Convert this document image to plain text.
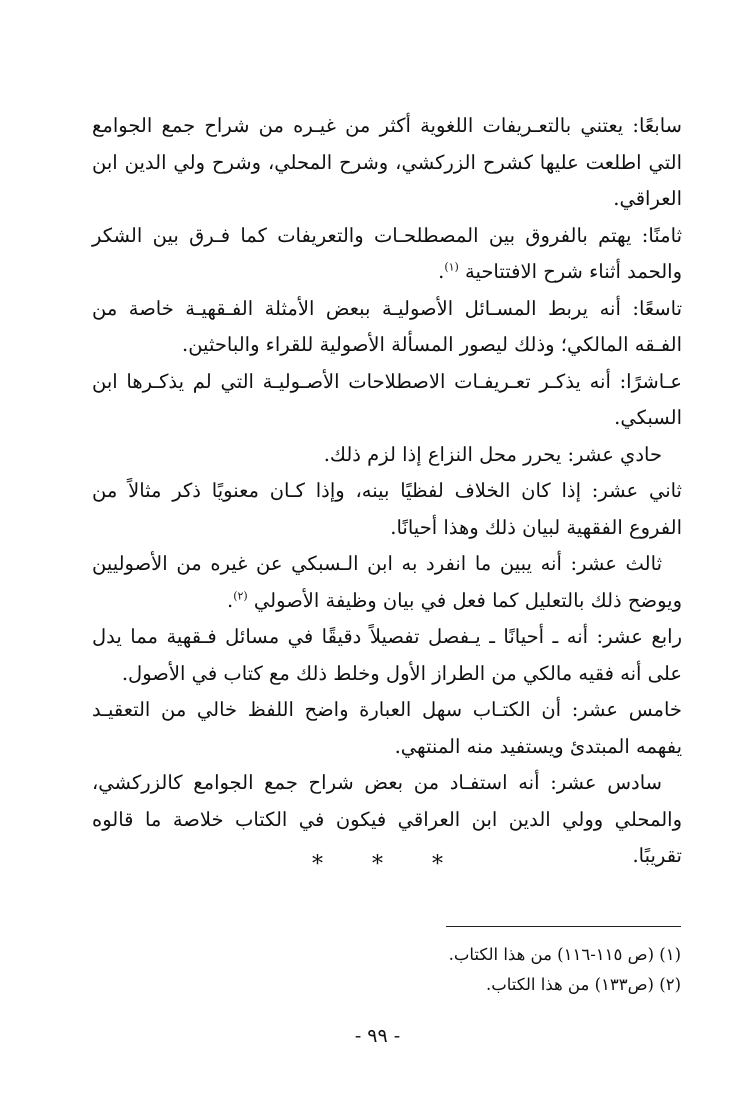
سابعًا: يعتني بالتعـريفات اللغوية أكثر من غيـره من شراح جمع الجوامع التي اطلعت عليها كشرح الزركشي، وشرح المحلي، وشرح ولي الدين ابن العراقي.

ثامنًا: يهتم بالفروق بين المصطلحـات والتعريفات كما فـرق بين الشكر والحمد أثناء شرح الافتتاحية $^{(١)}$.

تاسعًا: أنه يربط المسـائل الأصوليـة ببعض الأمثلة الفـقهيـة خاصة من الفـقه المالكي؛ وذلك ليصور المسألة الأصولية للقراء والباحثين.

عـاشرًا: أنه يذكـر تعـريفـات الاصطلاحات الأصـوليـة التي لم يذكـرها ابن السبكي.

حادي عشر: يحرر محل النزاع إذا لزم ذلك.

ثاني عشر: إذا كان الخلاف لفظيًا بينه، وإذا كـان معنويًا ذكر مثالاً من الفروع الفقهية لبيان ذلك وهذا أحيانًا.

ثالث عشر: أنه يبين ما انفرد به ابن الـسبكي عن غيره من الأصوليين ويوضح ذلك بالتعليل كما فعل في بيان وظيفة الأصولي $^{(٢)}$.

رابع عشر: أنه ـ أحيانًا ـ يـفصل تفصيلاً دقيقًا في مسائل فـقهية مما يدل على أنه فقيه مالكي من الطراز الأول وخلط ذلك مع كتاب في الأصول.

خامس عشر: أن الكتـاب سهل العبارة واضح اللفظ خالي من التعقيـد يفهمه المبتدئ ويستفيد منه المنتهي.

سادس عشر: أنه استفـاد من بعض شراح جمع الجوامع كالزركشي، والمحلي وولي الدين ابن العراقي فيكون في الكتاب خلاصة ما قالوه تقريبًا.

* * *

(١) (ص ١١٥-١١٦) من هذا الكتاب.

(٢) (ص١٣٣) من هذا الكتاب.

- ٩٩ -
